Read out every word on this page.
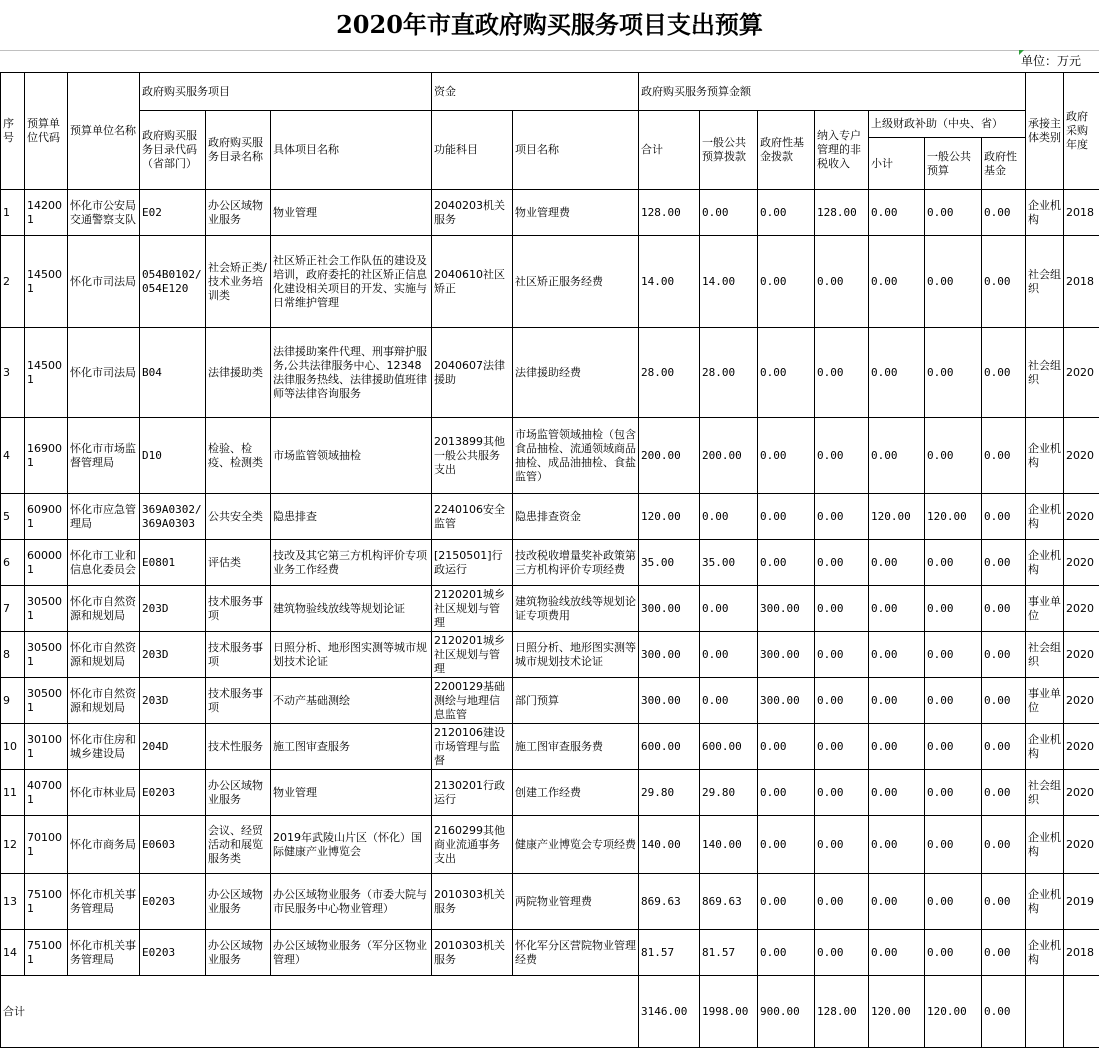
2020年市直政府购买服务项目支出预算
单位：万元
序号	预算单位代码	预算单位名称	政府购买服务项目			资金		政府购买服务预算金额							承接主体类别	政府采购年度
			政府购买服务目录代码（省部门）	政府购买服务目录名称	具体项目名称	功能科目	项目名称	合计	一般公共预算拨款	政府性基金拨款	纳入专户管理的非税收入	上级财政补助（中央、省）				
												小计	一般公共预算	政府性基金		
1	142001	怀化市公安局交通警察支队	E02	办公区域物业服务	物业管理	2040203机关服务	物业管理费	128.00	0.00	0.00	128.00	0.00	0.00	0.00	企业机构	2018
2	145001	怀化市司法局	054B0102/054E120	社会矫正类/技术业务培训类	社区矫正社会工作队伍的建设及培训，政府委托的社区矫正信息化建设相关项目的开发、实施与日常维护管理	2040610社区矫正	社区矫正服务经费	14.00	14.00	0.00	0.00	0.00	0.00	0.00	社会组织	2018
3	145001	怀化市司法局	B04	法律援助类	法律援助案件代理、刑事辩护服务,公共法律服务中心、12348法律服务热线、法律援助值班律师等法律咨询服务	2040607法律援助	法律援助经费	28.00	28.00	0.00	0.00	0.00	0.00	0.00	社会组织	2020
4	169001	怀化市市场监督管理局	D10	检验、检疫、检测类	市场监管领域抽检	2013899其他一般公共服务支出	市场监管领域抽检（包含食品抽检、流通领域商品抽检、成品油抽检、食盐监管）	200.00	200.00	0.00	0.00	0.00	0.00	0.00	企业机构	2020
5	609001	怀化市应急管理局	369A0302/369A0303	公共安全类	隐患排查	2240106安全监管	隐患排查资金	120.00	0.00	0.00	0.00	120.00	120.00	0.00	企业机构	2020
6	600001	怀化市工业和信息化委员会	E0801	评估类	技改及其它第三方机构评价专项业务工作经费	[2150501]行政运行	技改税收增量奖补政策第三方机构评价专项经费	35.00	35.00	0.00	0.00	0.00	0.00	0.00	企业机构	2020
7	305001	怀化市自然资源和规划局	203D	技术服务事项	建筑物验线放线等规划论证	2120201城乡社区规划与管理	建筑物验线放线等规划论证专项费用	300.00	0.00	300.00	0.00	0.00	0.00	0.00	事业单位	2020
8	305001	怀化市自然资源和规划局	203D	技术服务事项	日照分析、地形图实测等城市规划技术论证	2120201城乡社区规划与管理	日照分析、地形图实测等城市规划技术论证	300.00	0.00	300.00	0.00	0.00	0.00	0.00	社会组织	2020
9	305001	怀化市自然资源和规划局	203D	技术服务事项	不动产基础测绘	2200129基础测绘与地理信息监管	部门预算	300.00	0.00	300.00	0.00	0.00	0.00	0.00	事业单位	2020
10	301001	怀化市住房和城乡建设局	204D	技术性服务	施工图审查服务	2120106建设市场管理与监督	施工图审查服务费	600.00	600.00	0.00	0.00	0.00	0.00	0.00	企业机构	2020
11	407001	怀化市林业局	E0203	办公区域物业服务	物业管理	2130201行政运行	创建工作经费	29.80	29.80	0.00	0.00	0.00	0.00	0.00	社会组织	2020
12	701001	怀化市商务局	E0603	会议、经贸活动和展览服务类	2019年武陵山片区（怀化）国际健康产业博览会	2160299其他商业流通事务支出	健康产业博览会专项经费	140.00	140.00	0.00	0.00	0.00	0.00	0.00	企业机构	2020
13	751001	怀化市机关事务管理局	E0203	办公区域物业服务	办公区域物业服务（市委大院与市民服务中心物业管理）	2010303机关服务	两院物业管理费	869.63	869.63	0.00	0.00	0.00	0.00	0.00	企业机构	2019
14	751001	怀化市机关事务管理局	E0203	办公区域物业服务	办公区域物业服务（军分区物业管理）	2010303机关服务	怀化军分区营院物业管理经费	81.57	81.57	0.00	0.00	0.00	0.00	0.00	企业机构	2018
合计								3146.00	1998.00	900.00	128.00	120.00	120.00	0.00		
